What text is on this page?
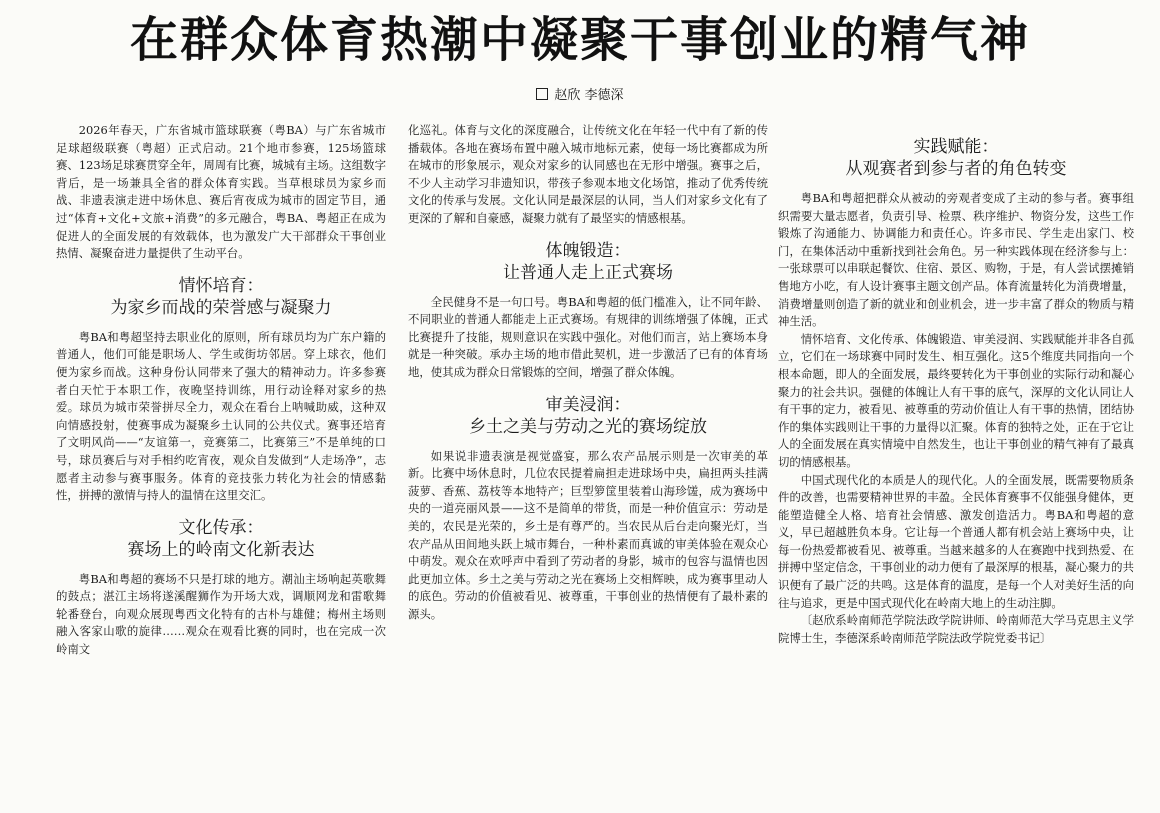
在群众体育热潮中凝聚干事创业的精气神
赵欣 李德深

2026年春天，广东省城市篮球联赛（粤BA）与广东省城市足球超级联赛（粤超）正式启动。21个地市参赛，125场篮球赛、123场足球赛贯穿全年，周周有比赛，城城有主场。这组数字背后，是一场兼具全省的群众体育实践。当草根球员为家乡而战、非遗表演走进中场休息、赛后宵夜成为城市的固定节目，通过“体育+文化+文旅+消费”的多元融合，粤BA、粤超正在成为促进人的全面发展的有效载体，也为激发广大干部群众干事创业热情、凝聚奋进力量提供了生动平台。

情怀培育：
为家乡而战的荣誉感与凝聚力

粤BA和粤超坚持去职业化的原则，所有球员均为广东户籍的普通人，他们可能是职场人、学生或街坊邻居。穿上球衣，他们便为家乡而战。这种身份认同带来了强大的精神动力。许多参赛者白天忙于本职工作，夜晚坚持训练，用行动诠释对家乡的热爱。球员为城市荣誉拼尽全力，观众在看台上呐喊助威，这种双向情感投射，使赛事成为凝聚乡土认同的公共仪式。赛事还培育了文明风尚——“友谊第一，竞赛第二，比赛第三”不是单纯的口号，球员赛后与对手相约吃宵夜，观众自发做到“人走场净”，志愿者主动参与赛事服务。体育的竞技张力转化为社会的情感黏性，拼搏的激情与持人的温情在这里交汇。

文化传承：
赛场上的岭南文化新表达

粤BA和粤超的赛场不只是打球的地方。潮汕主场响起英歌舞的鼓点；湛江主场将遂溪醒狮作为开场大戏，调顺网龙和雷歌舞轮番登台，向观众展现粤西文化特有的古朴与雄健；梅州主场则融入客家山歌的旋律……观众在观看比赛的同时，也在完成一次岭南文

化巡礼。体育与文化的深度融合，让传统文化在年轻一代中有了新的传播载体。各地在赛场布置中融入城市地标元素，使每一场比赛都成为所在城市的形象展示，观众对家乡的认同感也在无形中增强。赛事之后，不少人主动学习非遗知识，带孩子参观本地文化场馆，推动了优秀传统文化的传承与发展。文化认同是最深层的认同，当人们对家乡文化有了更深的了解和自豪感，凝聚力就有了最坚实的情感根基。

体魄锻造：
让普通人走上正式赛场

全民健身不是一句口号。粤BA和粤超的低门槛准入，让不同年龄、不同职业的普通人都能走上正式赛场。有规律的训练增强了体魄，正式比赛提升了技能，规则意识在实践中强化。对他们而言，站上赛场本身就是一种突破。承办主场的地市借此契机，进一步激活了已有的体育场地，使其成为群众日常锻炼的空间，增强了群众体魄。

审美浸润：
乡土之美与劳动之光的赛场绽放

如果说非遗表演是视觉盛宴，那么农产品展示则是一次审美的革新。比赛中场休息时，几位农民提着扁担走进球场中央，扁担两头挂满菠萝、香蕉、荔枝等本地特产；巨型箩筐里装着山海珍馐，成为赛场中央的一道亮丽风景——这不是简单的带货，而是一种价值宣示：劳动是美的，农民是光荣的，乡土是有尊严的。当农民从后台走向聚光灯，当农产品从田间地头跃上城市舞台，一种朴素而真诚的审美体验在观众心中萌发。观众在欢呼声中看到了劳动者的身影，城市的包容与温情也因此更加立体。乡土之美与劳动之光在赛场上交相辉映，成为赛事里动人的底色。劳动的价值被看见、被尊重，干事创业的热情便有了最朴素的源头。

实践赋能：
从观赛者到参与者的角色转变

粤BA和粤超把群众从被动的旁观者变成了主动的参与者。赛事组织需要大量志愿者，负责引导、检票、秩序维护、物资分发，这些工作锻炼了沟通能力、协调能力和责任心。许多市民、学生走出家门、校门，在集体活动中重新找到社会角色。另一种实践体现在经济参与上：一张球票可以串联起餐饮、住宿、景区、购物，于是，有人尝试摆摊销售地方小吃，有人设计赛事主题文创产品。体育流量转化为消费增量，消费增量则创造了新的就业和创业机会，进一步丰富了群众的物质与精神生活。

情怀培育、文化传承、体魄锻造、审美浸润、实践赋能并非各自孤立，它们在一场球赛中同时发生、相互强化。这5个维度共同指向一个根本命题，即人的全面发展，最终要转化为干事创业的实际行动和凝心聚力的社会共识。强健的体魄让人有干事的底气，深厚的文化认同让人有干事的定力，被看见、被尊重的劳动价值让人有干事的热情，团结协作的集体实践则让干事的力量得以汇聚。体育的独特之处，正在于它让人的全面发展在真实情境中自然发生，也让干事创业的精气神有了最真切的情感根基。

中国式现代化的本质是人的现代化。人的全面发展，既需要物质条件的改善，也需要精神世界的丰盈。全民体育赛事不仅能强身健体，更能塑造健全人格、培育社会情感、激发创造活力。粤BA和粤超的意义，早已超越胜负本身。它让每一个普通人都有机会站上赛场中央，让每一份热爱都被看见、被尊重。当越来越多的人在赛跑中找到热爱、在拼搏中坚定信念，干事创业的动力便有了最深厚的根基，凝心聚力的共识便有了最广泛的共鸣。这是体育的温度，是每一个人对美好生活的向往与追求，更是中国式现代化在岭南大地上的生动注脚。

〔赵欣系岭南师范学院法政学院讲师、岭南师范大学马克思主义学院博士生，李德深系岭南师范学院法政学院党委书记〕
